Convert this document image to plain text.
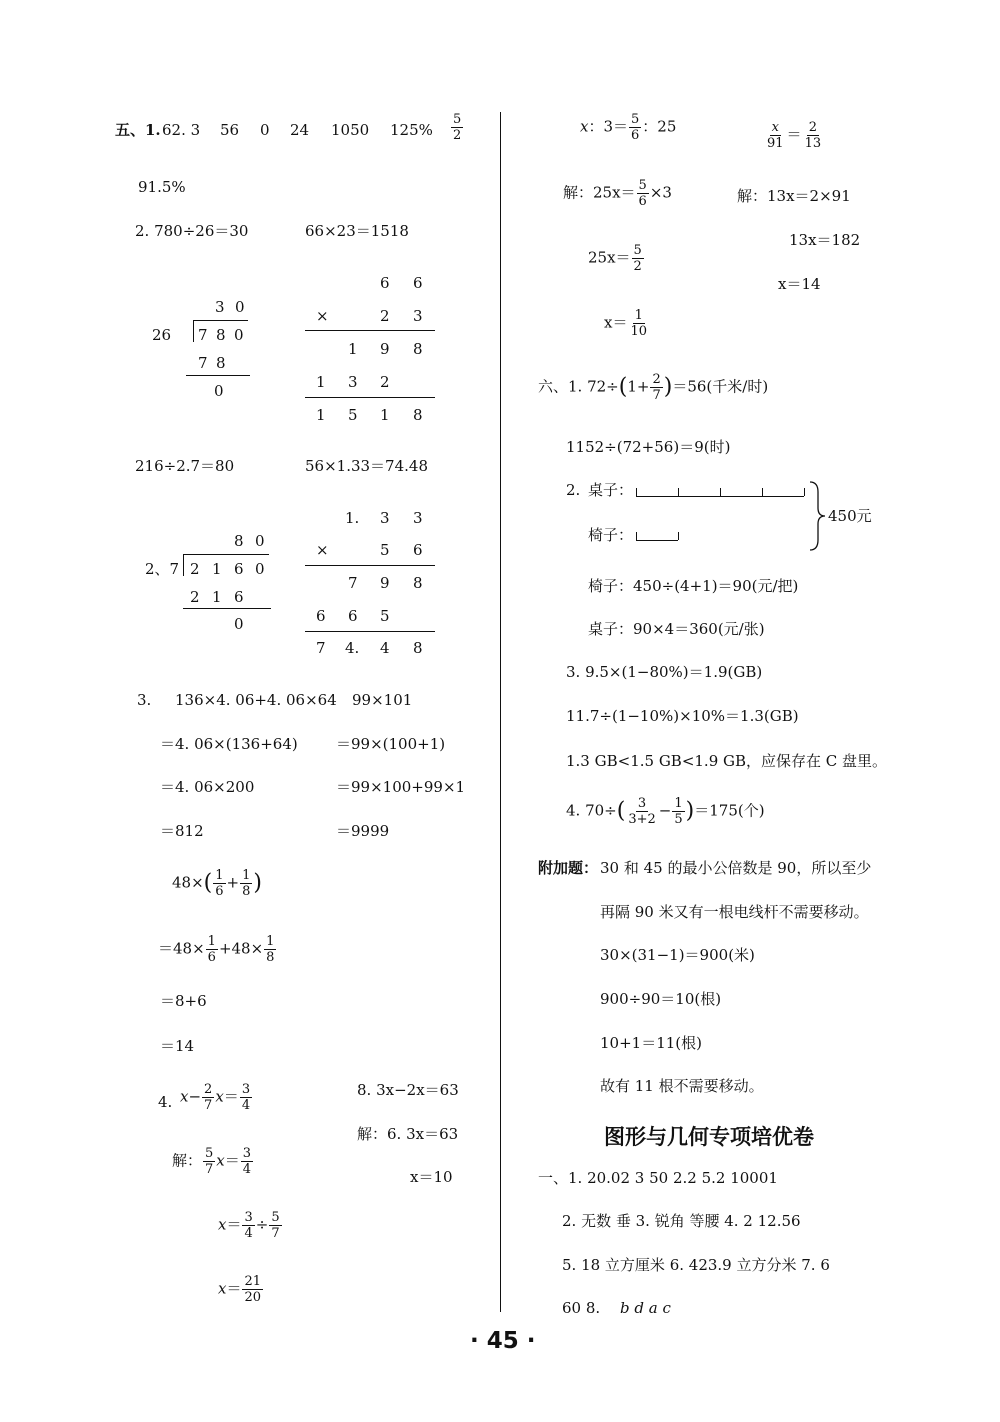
五、1. 62. 3 56 0 24 1050 $125\% \frac{5}{2}$
91.5%
2. 780÷26＝30	66×23＝1518
3 0
26 7 8 0
7 8
0
6 6
×	2 3
1 9 8
1 3 2
1 5 1 8
216÷2.7＝80	56×1.33＝74.48
8 0
2、7 2 1 6 0
2 1 6
0
1. 3 3
×	5 6
7 9 8
6 6 5
7 4. 4 8
3. 136×4. 06+4. 06×64
＝4. 06×(136+64)
＝4. 06×200
＝812
99×101
＝99×(100+1)
＝99×100+99×1
＝9999
$48\times( \frac{1}{6} + \frac{1}{8}$ )
$=48\times \frac{1}{6} +48\times \frac{1}{8}$
＝8+6
＝14
4. $x- \frac{2}{7} x= \frac{3}{4}$
解： $\frac{5}{7} x= \frac{3}{4}$
$x= \frac{3}{4} \div \frac{5}{7}$
$x= \frac{21}{20}$
8. 3x−2x＝63
解：6. 3x＝63
x＝10
x：$3= \frac{5}{6}$ ：25	$\frac{x}{91} = \frac{2}{13}$
解：$25x= \frac{5}{6} \times 3$	解：13x＝2×91
$25x= \frac{5}{2}$
13x＝182
x＝14
$x= \frac{1}{10}$
六、1. $72\div(1+ \frac{2}{7} )=56$(千米/时)
1152÷(72+56)＝9(时)
2. 桌子：
椅子：
450元
椅子：450÷(4+1)＝90(元/把)
桌子：90×4＝360(元/张)
3. 9.5×(1−80%)＝1.9(GB)
11.7÷(1−10%)×10%＝1.3(GB)
1.3 GB<1.5 GB<1.9 GB，应保存在 C 盘里。
4. $70\div( \frac{3}{3+2} - \frac{1}{5} )=175$(个)
附加题： 30 和 45 的最小公倍数是 90，所以至少
再隔 90 米又有一根电线杆不需要移动。
30×(31−1)＝900(米)
900÷90＝10(根)
10+1＝11(根)
故有 11 根不需要移动。
图形与几何专项培优卷
一、1. 20.02 3 50 2.2 5.2 10001
2. 无数 垂 3. 锐角 等腰 4. 2 12.56
5. 18 立方厘米 6. 423.9 立方分米 7. 6
60 8. b d a c
· 45 ·
